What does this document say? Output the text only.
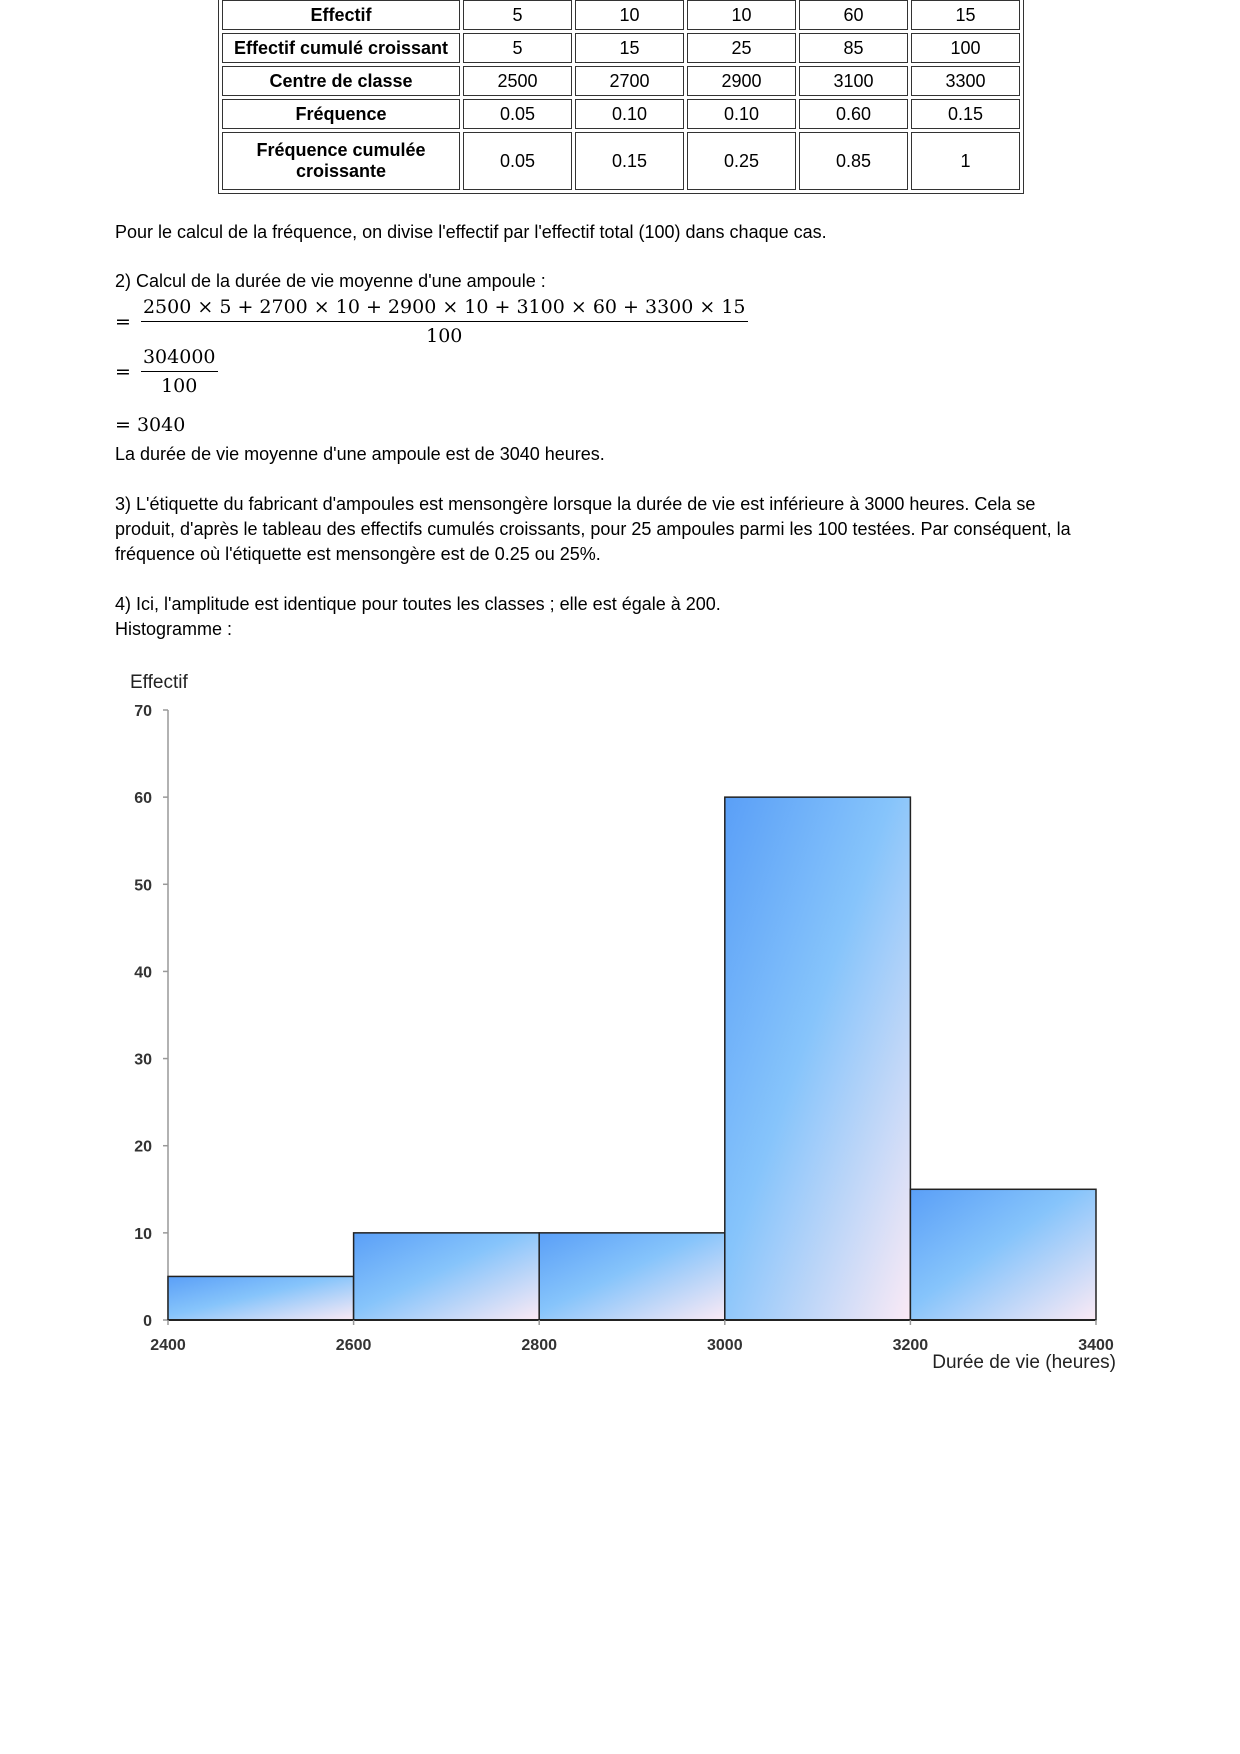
Effectif	5	10	10	60	15
Effectif cumulé croissant	5	15	25	85	100
Centre de classe	2500	2700	2900	3100	3300
Fréquence	0.05	0.10	0.10	0.60	0.15
Fréquence cumulée croissante	0.05	0.15	0.25	0.85	1

Pour le calcul de la fréquence, on divise l'effectif par l'effectif total (100) dans chaque cas.

2) Calcul de la durée de vie moyenne d'une ampoule :

= $\frac{2500 \times 5 + 2700 \times 10 + 2900 \times 10 + 3100 \times 60 + 3300 \times 15}{100}$
= $\frac{304000}{100}$
= 3040

La durée de vie moyenne d'une ampoule est de 3040 heures.

3) L'étiquette du fabricant d'ampoules est mensongère lorsque la durée de vie est inférieure à 3000 heures. Cela se

produit, d'après le tableau des effectifs cumulés croissants, pour 25 ampoules parmi les 100 testées. Par conséquent, la

fréquence où l'étiquette est mensongère est de 0.25 ou 25%.

4) Ici, l'amplitude est identique pour toutes les classes ; elle est égale à 200.

Histogramme :

Effectif
Durée de vie (heures)
0
10
20
30
40
50
60
70
2400	2600	2800	3000	3200	3400
